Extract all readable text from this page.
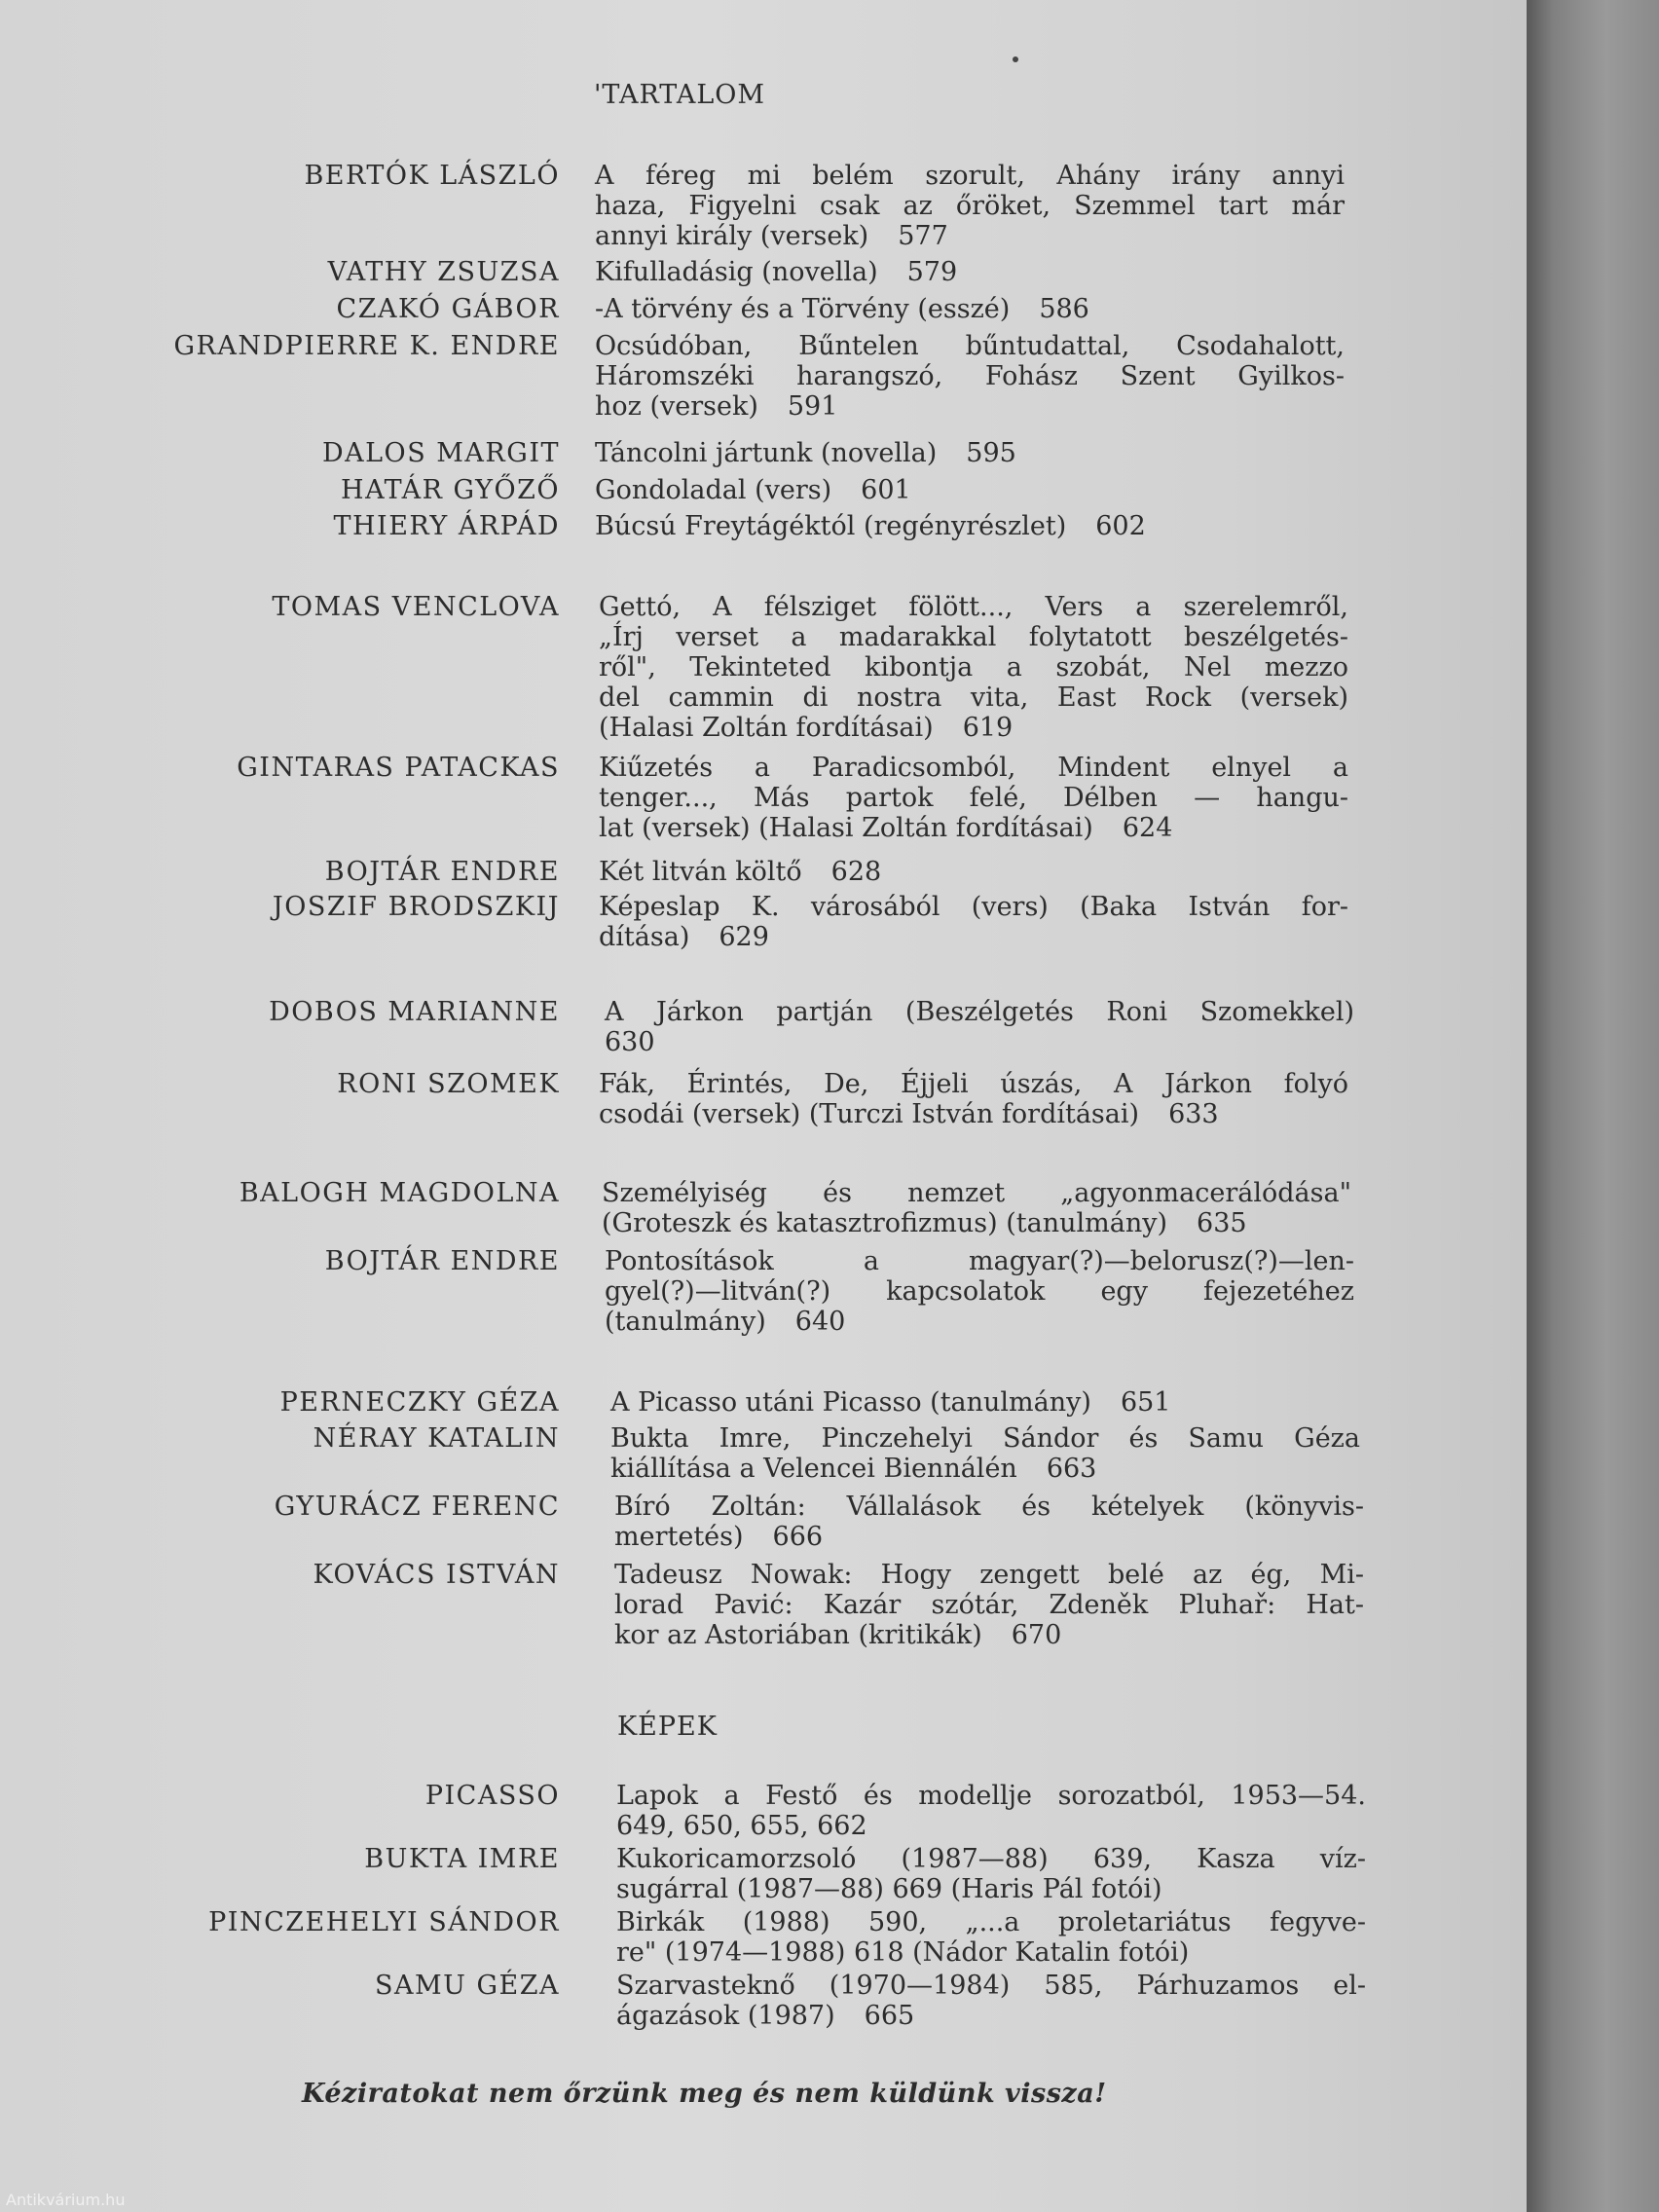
'TARTALOM
BERTÓK LÁSZLÓ A féreg mi belém szorult, Ahány irány annyi
haza, Figyelni csak az őröket, Szemmel tart már
annyi király (versek) 577
VATHY ZSUZSA Kifulladásig (novella) 579
CZAKÓ GÁBOR -A törvény és a Törvény (esszé) 586
GRANDPIERRE K. ENDRE Ocsúdóban, Bűntelen bűntudattal, Csodahalott,
Háromszéki harangszó, Fohász Szent Gyilkos-
hoz (versek) 591
DALOS MARGIT Táncolni jártunk (novella) 595
HATÁR GYŐZŐ Gondoladal (vers) 601
THIERY ÁRPÁD Búcsú Freytágéktól (regényrészlet) 602
TOMAS VENCLOVA Gettó, A félsziget fölött..., Vers a szerelemről,
„Írj verset a madarakkal folytatott beszélgetés-
ről", Tekinteted kibontja a szobát, Nel mezzo
del cammin di nostra vita, East Rock (versek)
(Halasi Zoltán fordításai) 619
GINTARAS PATACKAS Kiűzetés a Paradicsomból, Mindent elnyel a
tenger..., Más partok felé, Délben — hangu-
lat (versek) (Halasi Zoltán fordításai) 624
BOJTÁR ENDRE Két litván költő 628
JOSZIF BRODSZKIJ Képeslap K. városából (vers) (Baka István for-
dítása) 629
DOBOS MARIANNE A Járkon partján (Beszélgetés Roni Szomekkel)
630
RONI SZOMEK Fák, Érintés, De, Éjjeli úszás, A Járkon folyó
csodái (versek) (Turczi István fordításai) 633
BALOGH MAGDOLNA Személyiség és nemzet „agyonmacerálódása"
(Groteszk és katasztrofizmus) (tanulmány) 635
BOJTÁR ENDRE Pontosítások a magyar(?)—belorusz(?)—len-
gyel(?)—litván(?) kapcsolatok egy fejezetéhez
(tanulmány) 640
PERNECZKY GÉZA A Picasso utáni Picasso (tanulmány) 651
NÉRAY KATALIN Bukta Imre, Pinczehelyi Sándor és Samu Géza
kiállítása a Velencei Biennálén 663
GYURÁCZ FERENC Bíró Zoltán: Vállalások és kételyek (könyvis-
mertetés) 666
KOVÁCS ISTVÁN Tadeusz Nowak: Hogy zengett belé az ég, Mi-
lorad Pavić: Kazár szótár, Zdeněk Pluhař: Hat-
kor az Astoriában (kritikák) 670
KÉPEK
PICASSO Lapok a Festő és modellje sorozatból, 1953—54.
649, 650, 655, 662
BUKTA IMRE Kukoricamorzsoló (1987—88) 639, Kasza víz-
sugárral (1987—88) 669 (Haris Pál fotói)
PINCZEHELYI SÁNDOR Birkák (1988) 590, „...a proletariátus fegyve-
re" (1974—1988) 618 (Nádor Katalin fotói)
SAMU GÉZA Szarvasteknő (1970—1984) 585, Párhuzamos el-
ágazások (1987) 665
Kéziratokat nem őrzünk meg és nem küldünk vissza!
Antikvárium.hu
